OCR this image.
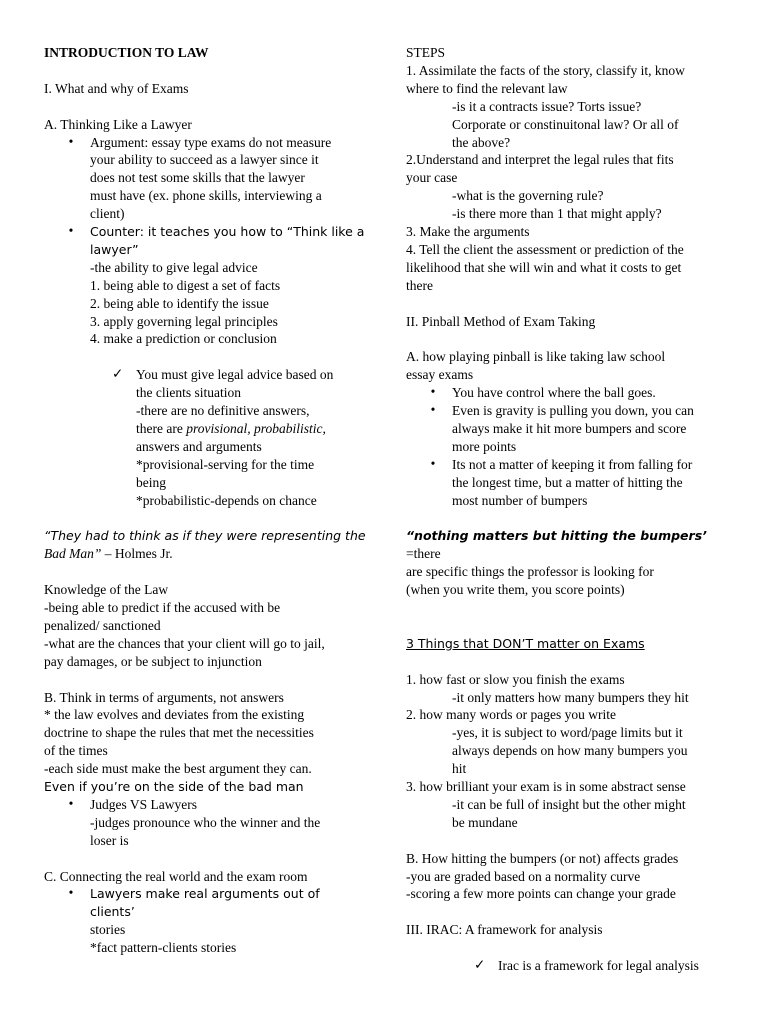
INTRODUCTION TO LAW

I. What and why of Exams

A. Thinking Like a Lawyer

•	Argument: essay type exams do not measure

your ability to succeed as a lawyer since it

does not test some skills that the lawyer

must have (ex. phone skills, interviewing a

client)

•	Counter: it teaches you how to “Think like a

lawyer”

-the ability to give legal advice

1. being able to digest a set of facts

2. being able to identify the issue

3. apply governing legal principles

4. make a prediction or conclusion

✓ You must give legal advice based on

the clients situation

-there are no definitive answers,

there are provisional, probabilistic,

answers and arguments

*provisional-serving for the time

being

*probabilistic-depends on chance

“They had to think as if they were representing the

Bad Man” – Holmes Jr.

Knowledge of the Law

-being able to predict if the accused with be

penalized/ sanctioned

-what are the chances that your client will go to jail,

pay damages, or be subject to injunction

B. Think in terms of arguments, not answers

* the law evolves and deviates from the existing

doctrine to shape the rules that met the necessities

of the times

-each side must make the best argument they can.

Even if you’re on the side of the bad man

•	Judges VS Lawyers

-judges pronounce who the winner and the

loser is

C. Connecting the real world and the exam room

•	Lawyers make real arguments out of clients’

stories

*fact pattern-clients stories

STEPS

1. Assimilate the facts of the story, classify it, know

where to find the relevant law

-is it a contracts issue? Torts issue?

Corporate or constinuitonal law? Or all of

the above?

2.Understand and interpret the legal rules that fits

your case

-what is the governing rule?

-is there more than 1 that might apply?

3. Make the arguments

4. Tell the client the assessment or prediction of the

likelihood that she will win and what it costs to get

there

II. Pinball Method of Exam Taking

A. how playing pinball is like taking law school

essay exams

•	You have control where the ball goes.

•	Even is gravity is pulling you down, you can

always make it hit more bumpers and score

more points

•	Its not a matter of keeping it from falling for

the longest time, but a matter of hitting the

most number of bumpers

“nothing matters but hitting the bumpers’ =there

are specific things the professor is looking for

(when you write them, you score points)

3 Things that DON’T matter on Exams

1. how fast or slow you finish the exams

-it only matters how many bumpers they hit

2. how many words or pages you write

-yes, it is subject to word/page limits but it

always depends on how many bumpers you

hit

3. how brilliant your exam is in some abstract sense

-it can be full of insight but the other might

be mundane

B. How hitting the bumpers (or not) affects grades

-you are graded based on a normality curve

-scoring a few more points can change your grade

III. IRAC: A framework for analysis

✓ Irac is a framework for legal analysis
